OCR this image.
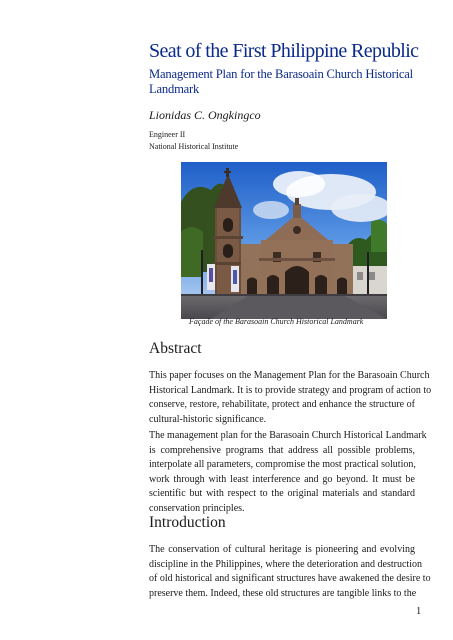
Seat of the First Philippine Republic
Management Plan for the Barasoain Church Historical Landmark
Lionidas C. Ongkingco
Engineer II
National Historical Institute
Façade of the Barasoain Church Historical Landmark
Abstract
This paper focuses on the Management Plan for the Barasoain Church
Historical Landmark. It is to provide strategy and program of action to
conserve, restore, rehabilitate, protect and enhance the structure of
cultural-historic significance.
The management plan for the Barasoain Church Historical Landmark
is comprehensive programs that address all possible problems,
interpolate all parameters, compromise the most practical solution,
work through with least interference and go beyond. It must be
scientific but with respect to the original materials and standard
conservation principles.
Introduction
The conservation of cultural heritage is pioneering and evolving
discipline in the Philippines, where the deterioration and destruction
of old historical and significant structures have awakened the desire to
preserve them. Indeed, these old structures are tangible links to the
1
